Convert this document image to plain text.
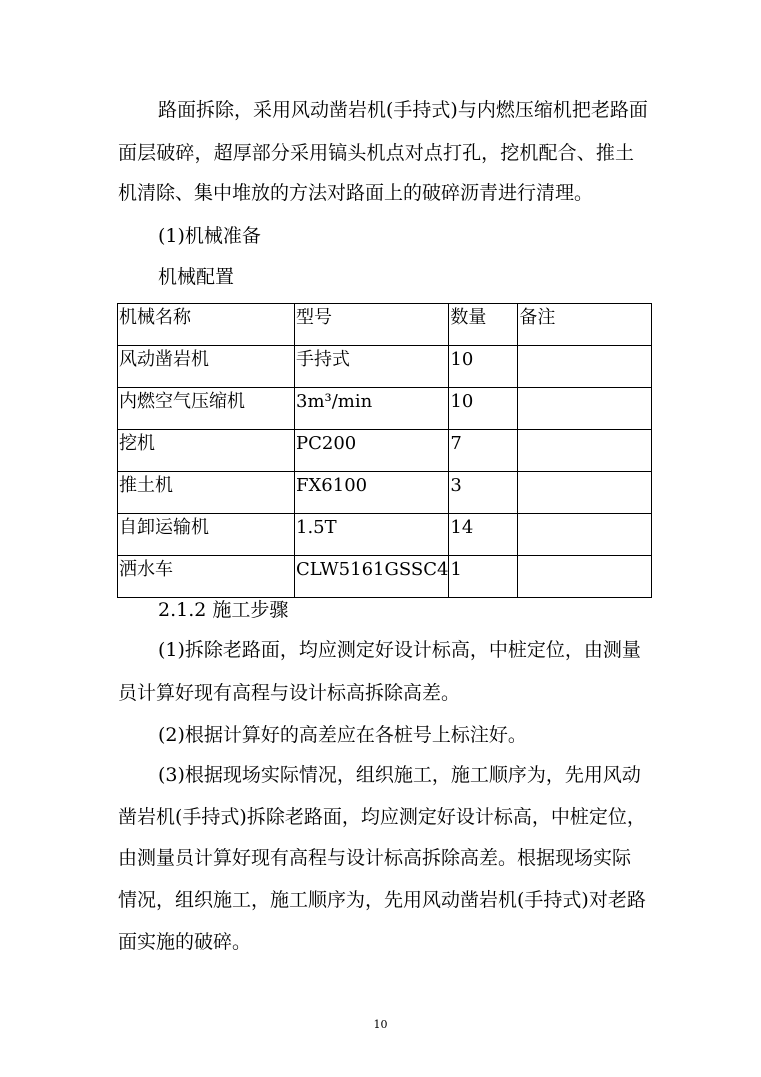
路面拆除，采用风动凿岩机(手持式)与内燃压缩机把老路面
面层破碎，超厚部分采用镐头机点对点打孔，挖机配合、推土
机清除、集中堆放的方法对路面上的破碎沥青进行清理。
(1)机械准备
机械配置
机械名称	型号	数量	备注
风动凿岩机	手持式	10	
内燃空气压缩机	3m³/min	10	
挖机	PC200	7	
推土机	FX6100	3	
自卸运输机	1.5T	14	
洒水车	CLW5161GSSC4	1	
2.1.2 施工步骤
(1)拆除老路面，均应测定好设计标高，中桩定位，由测量
员计算好现有高程与设计标高拆除高差。
(2)根据计算好的高差应在各桩号上标注好。
(3)根据现场实际情况，组织施工，施工顺序为，先用风动
凿岩机(手持式)拆除老路面，均应测定好设计标高，中桩定位，
由测量员计算好现有高程与设计标高拆除高差。根据现场实际
情况，组织施工，施工顺序为，先用风动凿岩机(手持式)对老路
面实施的破碎。
10
